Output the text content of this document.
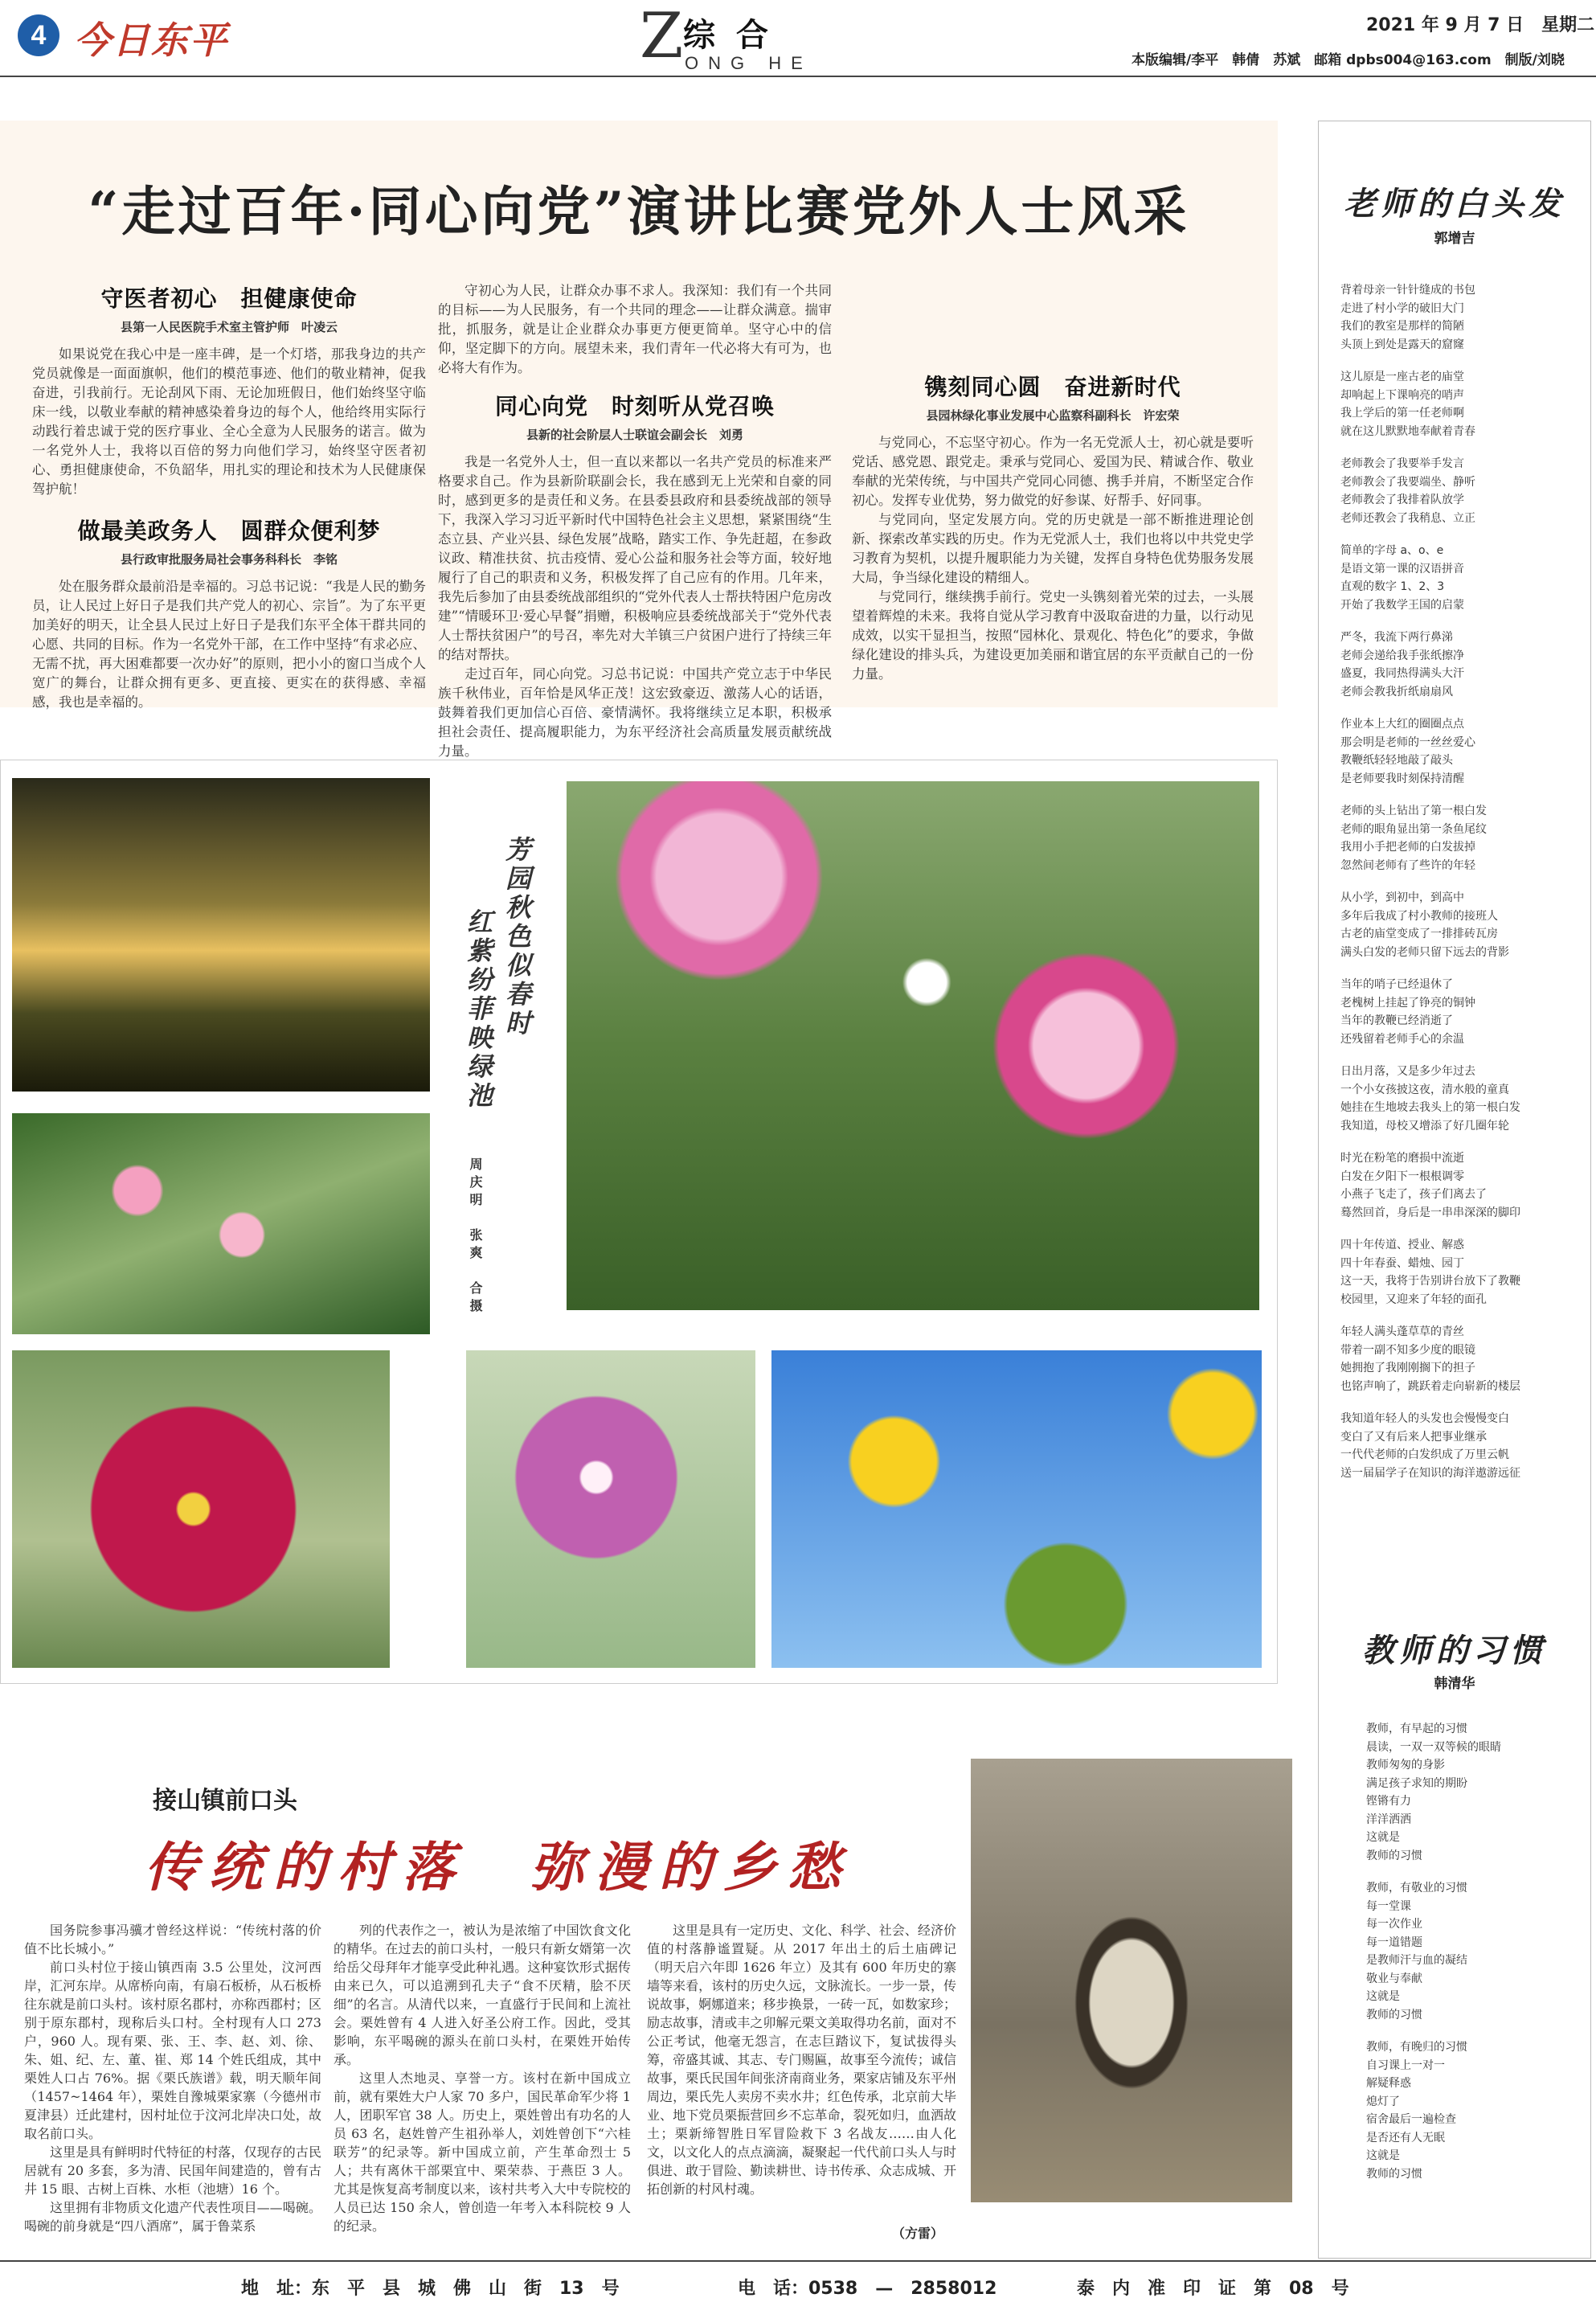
4 今日东平	Z 综 合
ONG HE
2021 年 9 月 7 日　星期二
本版编辑/李平　韩倩　苏斌　邮箱 dpbs004@163.com　制版/刘晓
“走过百年·同心向党”演讲比赛党外人士风采
守医者初心　担健康使命
县第一人民医院手术室主管护师　叶凌云

如果说党在我心中是一座丰碑，是一个灯塔，那我身边的共产党员就像是一面面旗帜，他们的模范事迹、他们的敬业精神，促我奋进，引我前行。无论刮风下雨、无论加班假日，他们始终坚守临床一线，以敬业奉献的精神感染着身边的每个人，他给终用实际行动践行着忠诚于党的医疗事业、全心全意为人民服务的诺言。做为一名党外人士，我将以百倍的努力向他们学习，始终坚守医者初心、勇担健康使命，不负韶华，用扎实的理论和技术为人民健康保驾护航！

做最美政务人　圆群众便利梦
县行政审批服务局社会事务科科长　李铭

处在服务群众最前沿是幸福的。习总书记说：“我是人民的勤务员，让人民过上好日子是我们共产党人的初心、宗旨”。为了东平更加美好的明天，让全县人民过上好日子是我们东平全体干群共同的心愿、共同的目标。作为一名党外干部，在工作中坚持“有求必应、无需不扰，再大困难都要一次办好”的原则，把小小的窗口当成个人宽广的舞台，让群众拥有更多、更直接、更实在的获得感、幸福感，我也是幸福的。

守初心为人民，让群众办事不求人。我深知：我们有一个共同的目标——为人民服务，有一个共同的理念——让群众满意。揣审批，抓服务，就是让企业群众办事更方便更简单。坚守心中的信仰，坚定脚下的方向。展望未来，我们青年一代必将大有可为，也必将大有作为。

同心向党　时刻听从党召唤
县新的社会阶层人士联谊会副会长　刘勇

我是一名党外人士，但一直以来都以一名共产党员的标准来严格要求自己。作为县新阶联副会长，我在感到无上光荣和自豪的同时，感到更多的是责任和义务。在县委县政府和县委统战部的领导下，我深入学习习近平新时代中国特色社会主义思想，紧紧围绕“生态立县、产业兴县、绿色发展”战略，踏实工作、争先赶超，在参政议政、精准扶贫、抗击疫情、爱心公益和服务社会等方面，较好地履行了自己的职责和义务，积极发挥了自己应有的作用。几年来，我先后参加了由县委统战部组织的“党外代表人士帮扶特困户危房改建”“情暖环卫·爱心早餐”捐赠，积极响应县委统战部关于“党外代表人士帮扶贫困户”的号召，率先对大羊镇三户贫困户进行了持续三年的结对帮扶。

走过百年，同心向党。习总书记说：中国共产党立志于中华民族千秋伟业，百年恰是风华正茂！这宏致豪迈、激荡人心的话语，鼓舞着我们更加信心百倍、豪情满怀。我将继续立足本职，积极承担社会责任、提高履职能力，为东平经济社会高质量发展贡献统战力量。

镌刻同心圆　奋进新时代
县园林绿化事业发展中心监察科副科长　许宏荣

与党同心，不忘坚守初心。作为一名无党派人士，初心就是要听党话、感党恩、跟党走。秉承与党同心、爱国为民、精诚合作、敬业奉献的光荣传统，与中国共产党同心同德、携手并肩，不断坚定合作初心。发挥专业优势，努力做党的好参谋、好帮手、好同事。

与党同向，坚定发展方向。党的历史就是一部不断推进理论创新、探索改革实践的历史。作为无党派人士，我们也将以中共党史学习教育为契机，以提升履职能力为关键，发挥自身特色优势服务发展大局，争当绿化建设的精细人。

与党同行，继续携手前行。党史一头镌刻着光荣的过去，一头展望着辉煌的未来。我将自觉从学习教育中汲取奋进的力量，以行动见成效，以实干显担当，按照“园林化、景观化、特色化”的要求，争做绿化建设的排头兵，为建设更加美丽和谐宜居的东平贡献自己的一份力量。

芳园秋色似春时
红紫纷菲映绿池
周庆明　张爽　合摄
老师的白头发
郭增吉
背着母亲一针针缝成的书包
走进了村小学的破旧大门
我们的教室是那样的简陋
头顶上到处是露天的窟窿
这儿原是一座古老的庙堂
却响起上下课响亮的哨声
我上学后的第一任老师啊
就在这儿默默地奉献着青春
老师教会了我要举手发言
老师教会了我要端坐、静听
老师教会了我排着队放学
老师还教会了我稍息、立正
简单的字母 a、o、e
是语文第一课的汉语拼音
直观的数字 1、2、3
开始了我数学王国的启蒙
严冬，我流下两行鼻涕
老师会递给我手张纸擦净
盛夏，我同热得满头大汗
老师会教我折纸扇扇风
作业本上大红的圈圈点点
那会明是老师的一丝丝爱心
教鞭纸轻轻地敲了敲头
是老师要我时刻保持清醒
老师的头上钻出了第一根白发
老师的眼角显出第一条鱼尾纹
我用小手把老师的白发拔掉
忽然间老师有了些许的年轻
从小学，到初中，到高中
多年后我成了村小教师的接班人
古老的庙堂变成了一排排砖瓦房
满头白发的老师只留下远去的背影
当年的哨子已经退休了
老槐树上挂起了铮亮的铜钟
当年的教鞭已经消逝了
还残留着老师手心的余温
日出月落，又是多少年过去
一个小女孩披这夜，清水般的童真
她挂在生地坡去我头上的第一根白发
我知道，母校又增添了好几圈年轮
时光在粉笔的磨损中流逝
白发在夕阳下一根根调零
小燕子飞走了，孩子们离去了
蓦然回首，身后是一串串深深的脚印
四十年传道、授业、解惑
四十年春蚕、蜡烛、园丁
这一天，我将于告别讲台放下了教鞭
校园里，又迎来了年轻的面孔
年轻人满头蓬草草的青丝
带着一副不知多少度的眼镜
她拥抱了我刚刚搁下的担子
也铭声响了，跳跃着走向崭新的楼层
我知道年轻人的头发也会慢慢变白
变白了又有后来人把事业继承
一代代老师的白发织成了万里云帆
送一届届学子在知识的海洋遨游远征
教师的习惯
韩清华
教师，有早起的习惯
晨读，一双一双等候的眼睛
教师匆匆的身影
满足孩子求知的期盼
铿锵有力
洋洋洒洒
这就是
教师的习惯
教师，有敬业的习惯
每一堂课
每一次作业
每一道错题
是教师汗与血的凝结
敬业与奉献
这就是
教师的习惯
教师，有晚归的习惯
自习课上一对一
解疑释惑
熄灯了
宿舍最后一遍检查
是否还有人无眠
这就是
教师的习惯
接山镇前口头
传统的村落　弥漫的乡愁

国务院参事冯骥才曾经这样说：“传统村落的价值不比长城小。”

前口头村位于接山镇西南 3.5 公里处，汶河西岸，汇河东岸。从席桥向南，有扇石板桥，从石板桥往东就是前口头村。该村原名郡村，亦称西郡村；区别于原东郡村，现称后头口村。全村现有人口 273 户，960 人。现有栗、张、王、李、赵、刘、徐、朱、姐、纪、左、董、崔、郑 14 个姓氏组成，其中栗姓人口占 76%。据《栗氏族谱》载，明天顺年间（1457~1464 年），栗姓自豫城栗家寨（今德州市夏津县）迁此建村，因村址位于汶河北岸决口处，故取名前口头。

这里是具有鲜明时代特征的村落，仅现存的古民居就有 20 多套，多为清、民国年间建造的，曾有古井 15 眼、古树上百株、水柜（池塘）16 个。

这里拥有非物质文化遗产代表性项目——喝碗。喝碗的前身就是“四八酒席”，属于鲁菜系

列的代表作之一，被认为是浓缩了中国饮食文化的精华。在过去的前口头村，一般只有新女婿第一次给岳父母拜年才能享受此种礼遇。这种宴饮形式据传由来已久，可以追溯到孔夫子“食不厌精，脍不厌细”的名言。从清代以来，一直盛行于民间和上流社会。栗姓曾有 4 人进入好圣公府工作。因此，受其影响，东平喝碗的源头在前口头村，在栗姓开始传承。

这里人杰地灵、享誉一方。该村在新中国成立前，就有栗姓大户人家 70 多户，国民革命军少将 1 人，团职军官 38 人。历史上，栗姓曾出有功名的人员 63 名，赵姓曾产生祖孙举人，刘姓曾创下“六桂联芳”的纪录等。新中国成立前，产生革命烈士 5 人；共有离休干部栗宜中、栗荣恭、于燕臣 3 人。尤其是恢复高考制度以来，该村共考入大中专院校的人员已达 150 余人，曾创造一年考入本科院校 9 人的纪录。

这里是具有一定历史、文化、科学、社会、经济价值的村落静谧置疑。从 2017 年出土的后土庙碑记（明天启六年即 1626 年立）及其有 600 年历史的寨墙等来看，该村的历史久远，文脉流长。一步一景，传说故事，婀娜道来；移步换景，一砖一瓦，如数家珍；励志故事，清或丰之卯解元栗文美取得功名前，面对不公正考试，他毫无怨言，在志巨踏议下，复试拔得头筹，帝盛其诚、其志、专门赐匾，故事至今流传；诚信故事，栗氏民国年间张济南商业务，栗家店铺及东平州周边，栗氏先人卖房不卖水井；红色传承，北京前大毕业、地下党员栗振营回乡不忘革命，裂死如归，血洒故土；栗新缔智胜日军冒险救下 3 名战友……由人化文，以文化人的点点滴滴，凝聚起一代代前口头人与时俱进、敢于冒险、勤读耕世、诗书传承、众志成城、开拓创新的村风村魂。

（方雷）
地　址：东　平　县　城　佛　山　街　13　号	电　话：0538　—　2858012	泰　内　准　印　证　第　08　号
